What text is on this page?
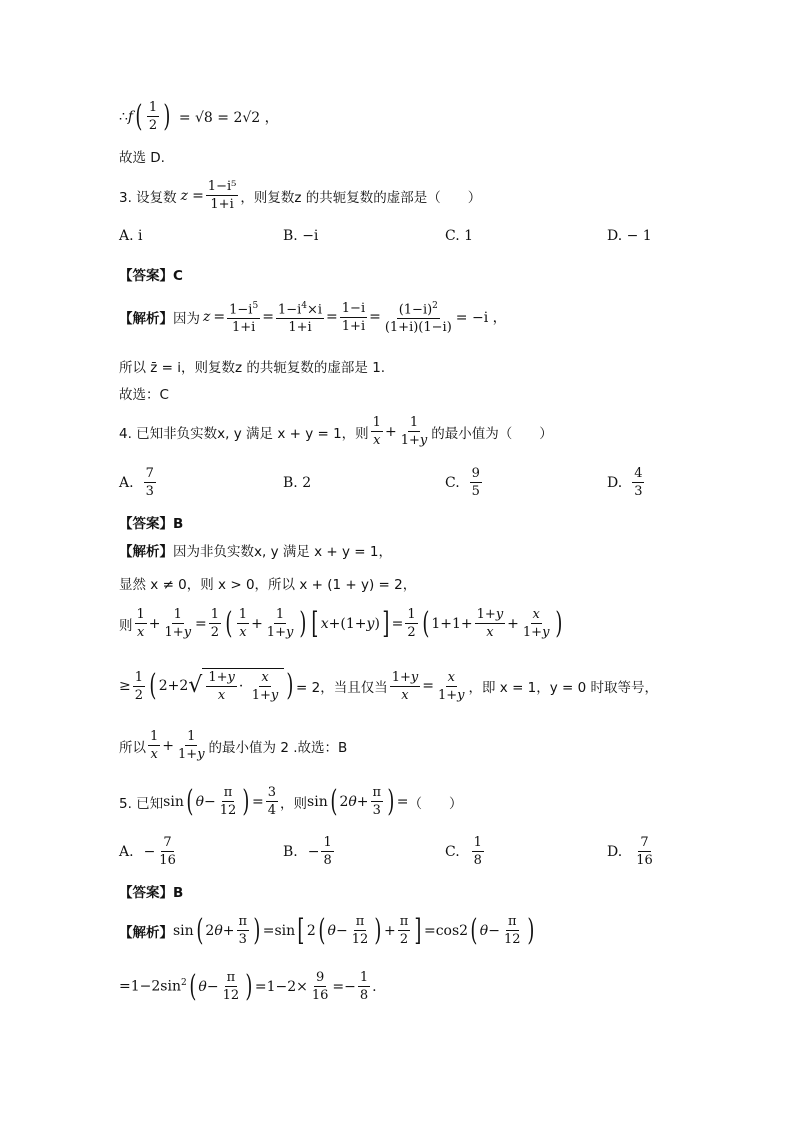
∴ f ( $\frac{1}{2}$ ) = √8 = 2√2 ，
故选 D.
3. 设复数 $z = \frac{\text{1−i⁵}}{1+i}$ ，则复数z 的共轭复数的虚部是（　　）
A. i	B. −i	C. 1	D. − 1
【答案】C
【解析】 因为 $z = \frac{1-i^5}{1+i} = \frac{1-i^4\times i}{1+i} = \frac{1-i}{1+i} = \frac{(1-i)^2}{(1+i)(1-i)} = -i$ ，
所以 z̄ = i，则复数z 的共轭复数的虚部是 1.
故选：C
4. 已知非负实数x, y 满足 x + y = 1，则 $\frac{1}{x} + \frac{1}{1+y}$ 的最小值为（　　）
A. $\frac{7}{3}$	B. 2	C. $\frac{9}{5}$	D. $\frac{4}{3}$
【答案】B
【解析】 因为非负实数x, y 满足 x + y = 1，
显然 x ≠ 0，则 x > 0，所以 x + (1 + y) = 2，
则 $\frac{1}{x} + \frac{1}{1+y} = \frac{1}{2}$ ( $\frac{1}{x} + \frac{1}{1+y}$ ) [ x +(1+ y ) ] = $\frac{1}{2}$ ( $1+1+ \frac{1+y}{x} + \frac{x}{1+y}$ )
≥ $\frac{1}{2}$ ( 2+2 √ $\frac{1+y}{x} \cdot \frac{x}{1+y}$ ) = 2，当且仅当 $\frac{1+y}{x} = \frac{x}{1+y}$ ，即 x = 1，y = 0 时取等号，
所以 $\frac{1}{x} + \frac{1}{1+y}$ 的最小值为 2 .故选：B
5. 已知 sin ( $\theta - \frac{\pi}{12}$ ) = $\frac{3}{4}$ ，则 sin ( 2 $\theta + \frac{\pi}{3}$ ) = （　　）
A. − $\frac{7}{16}$	B. − $\frac{1}{8}$	C. $\frac{1}{8}$	D. $\frac{7}{16}$
【答案】B
【解析】 sin ( 2 $\theta + \frac{\pi}{3}$ ) =sin [ 2 ( $\theta - \frac{\pi}{12}$ ) + $\frac{\pi}{2}$ ] =cos2 ( $\theta - \frac{\pi}{12}$ )
$=1-2\sin^2$ ( $\theta - \frac{\pi}{12}$ ) $=1-2\times \frac{9}{16} =- \frac{1}{8}$ .
